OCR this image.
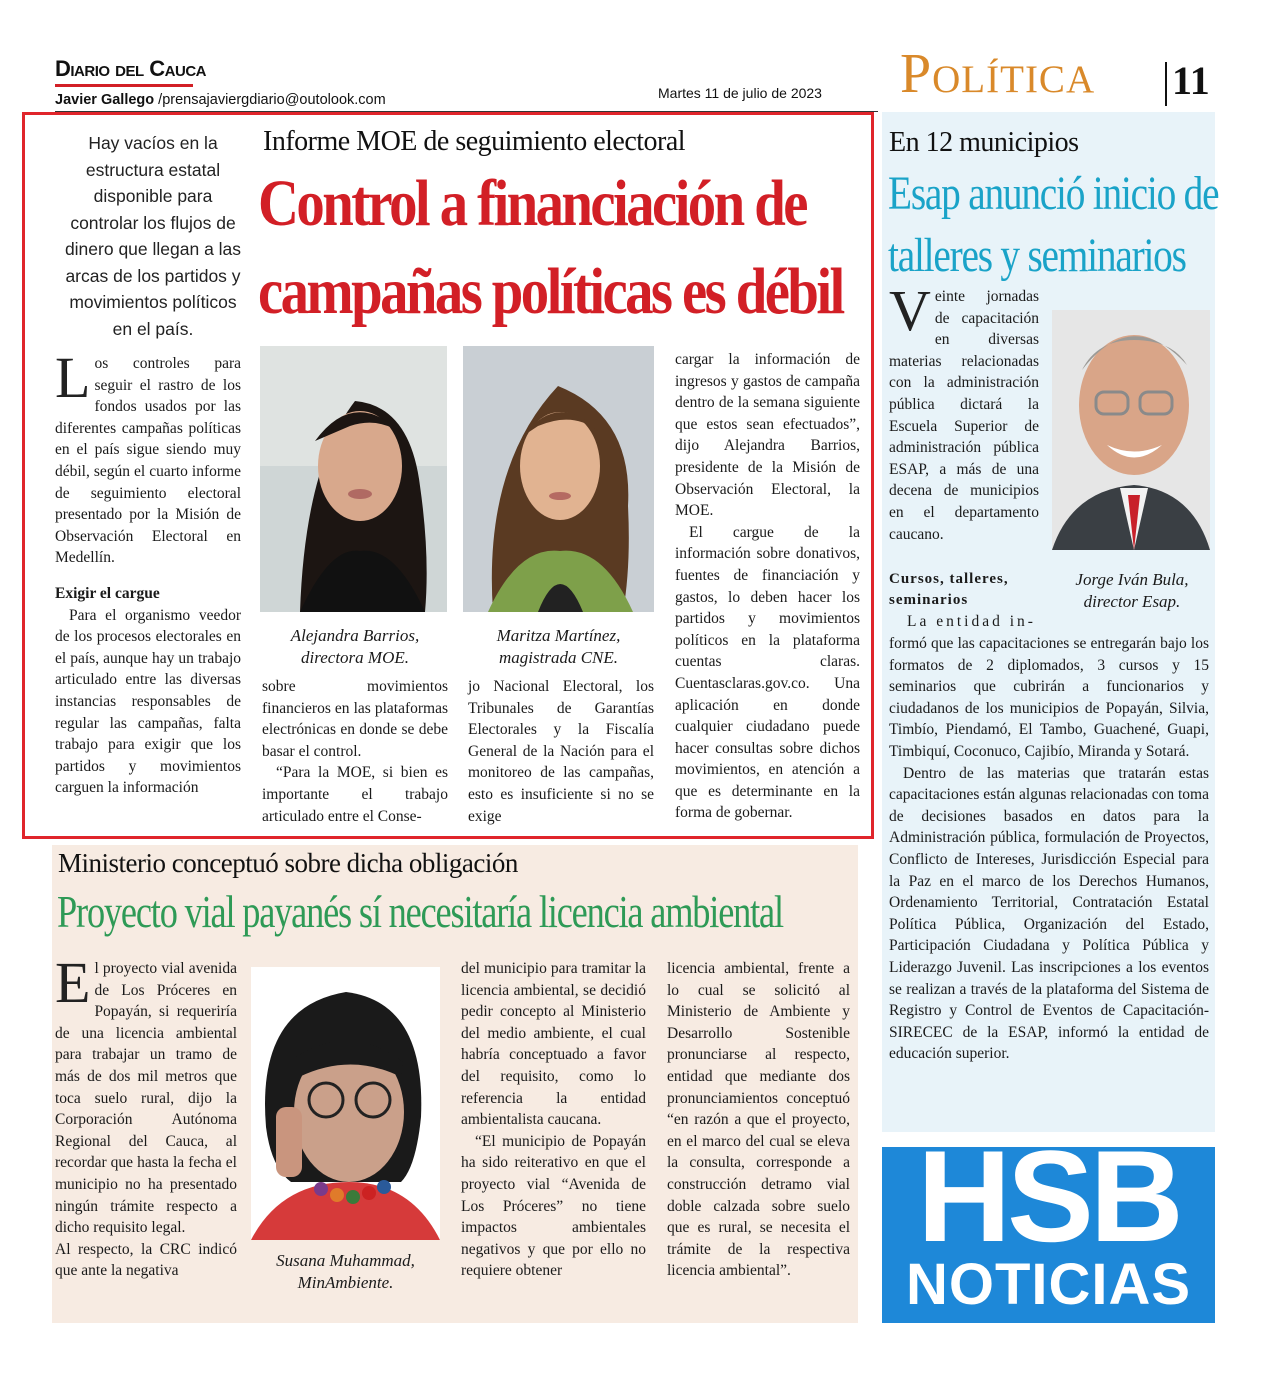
Diario del Cauca
Javier Gallego /prensajaviergdiario@outolook.com	Martes 11 de julio de 2023 Política 11
Hay vacíos en la estructura estatal disponible para controlar los flujos de dinero que llegan a las arcas de los partidos y movimientos políticos en el país.
Informe MOE de seguimiento electoral
Control a financiación de
campañas políticas es débil

Los controles para seguir el rastro de los fondos usados por las diferentes campañas políticas en el país sigue siendo muy débil, según el cuarto informe de seguimiento electoral presentado por la Misión de Observación Electoral en Medellín.

Exigir el cargue

Para el organismo veedor de los procesos electorales en el país, aunque hay un trabajo articulado entre las diversas instancias responsables de regular las campañas, falta trabajo para exigir que los partidos y movimientos carguen la información

Alejandra Barrios,
directora MOE.
Maritza Martínez,
magistrada CNE.

sobre movimientos financieros en las plataformas electrónicas en donde se debe basar el control.

“Para la MOE, si bien es importante el trabajo articulado entre el Conse-

jo Nacional Electoral, los Tribunales de Garantías Electorales y la Fiscalía General de la Nación para el monitoreo de las campañas, esto es insuficiente si no se exige

cargar la información de ingresos y gastos de campaña dentro de la semana siguiente que estos sean efectuados”, dijo Alejandra Barrios, presidente de la Misión de Observación Electoral, la MOE.

El cargue de la información sobre donativos, fuentes de financiación y gastos, lo deben hacer los partidos y movimientos políticos en la plataforma cuentas claras. Cuentasclaras.gov.co. Una aplicación en donde cualquier ciudadano puede hacer consultas sobre dichos movimientos, en atención a que es determinante en la forma de gobernar.

En 12 municipios
Esap anunció inicio de
talleres y seminarios

Veinte jornadas de capacitación en diversas materias relacionadas con la administración pública dictará la Escuela Superior de administración pública ESAP, a más de una decena de municipios en el departamento caucano.

Cursos, talleres, seminarios
Jorge Iván Bula,
director Esap.
La entidad in-

formó que las capacitaciones se entregarán bajo los formatos de 2 diplomados, 3 cursos y 15 seminarios que cubrirán a funcionarios y ciudadanos de los municipios de Popayán, Silvia, Timbío, Piendamó, El Tambo, Guachené, Guapi, Timbiquí, Coconuco, Cajibío, Miranda y Sotará.

Dentro de las materias que tratarán estas capacitaciones están algunas relacionadas con toma de decisiones basados en datos para la Administración pública, formulación de Proyectos, Conflicto de Intereses, Jurisdicción Especial para la Paz en el marco de los Derechos Humanos, Ordenamiento Territorial, Contratación Estatal Política Pública, Organización del Estado, Participación Ciudadana y Política Pública y Liderazgo Juvenil. Las inscripciones a los eventos se realizan a través de la plataforma del Sistema de Registro y Control de Eventos de Capacitación- SIRECEC de la ESAP, informó la entidad de educación superior.

HSB
NOTICIAS
Ministerio conceptuó sobre dicha obligación
Proyecto vial payanés sí necesitaría licencia ambiental

El proyecto vial avenida de Los Próceres en Popayán, si requeriría de una licencia ambiental para trabajar un tramo de más de dos mil metros que toca suelo rural, dijo la Corporación Autónoma Regional del Cauca, al recordar que hasta la fecha el municipio no ha presentado ningún trámite respecto a dicho requisito legal.

Al respecto, la CRC indicó que ante la negativa

Susana Muhammad,
MinAmbiente.

del municipio para tramitar la licencia ambiental, se decidió pedir concepto al Ministerio del medio ambiente, el cual habría conceptuado a favor del requisito, como lo referencia la entidad ambientalista caucana.

“El municipio de Popayán ha sido reiterativo en que el proyecto vial “Avenida de Los Próceres” no tiene impactos ambientales negativos y que por ello no requiere obtener

licencia ambiental, frente a lo cual se solicitó al Ministerio de Ambiente y Desarrollo Sostenible pronunciarse al respecto, entidad que mediante dos pronunciamientos conceptuó “en razón a que el proyecto, en el marco del cual se eleva la consulta, corresponde a construcción detramo vial doble calzada sobre suelo que es rural, se necesita el trámite de la respectiva licencia ambiental”.
